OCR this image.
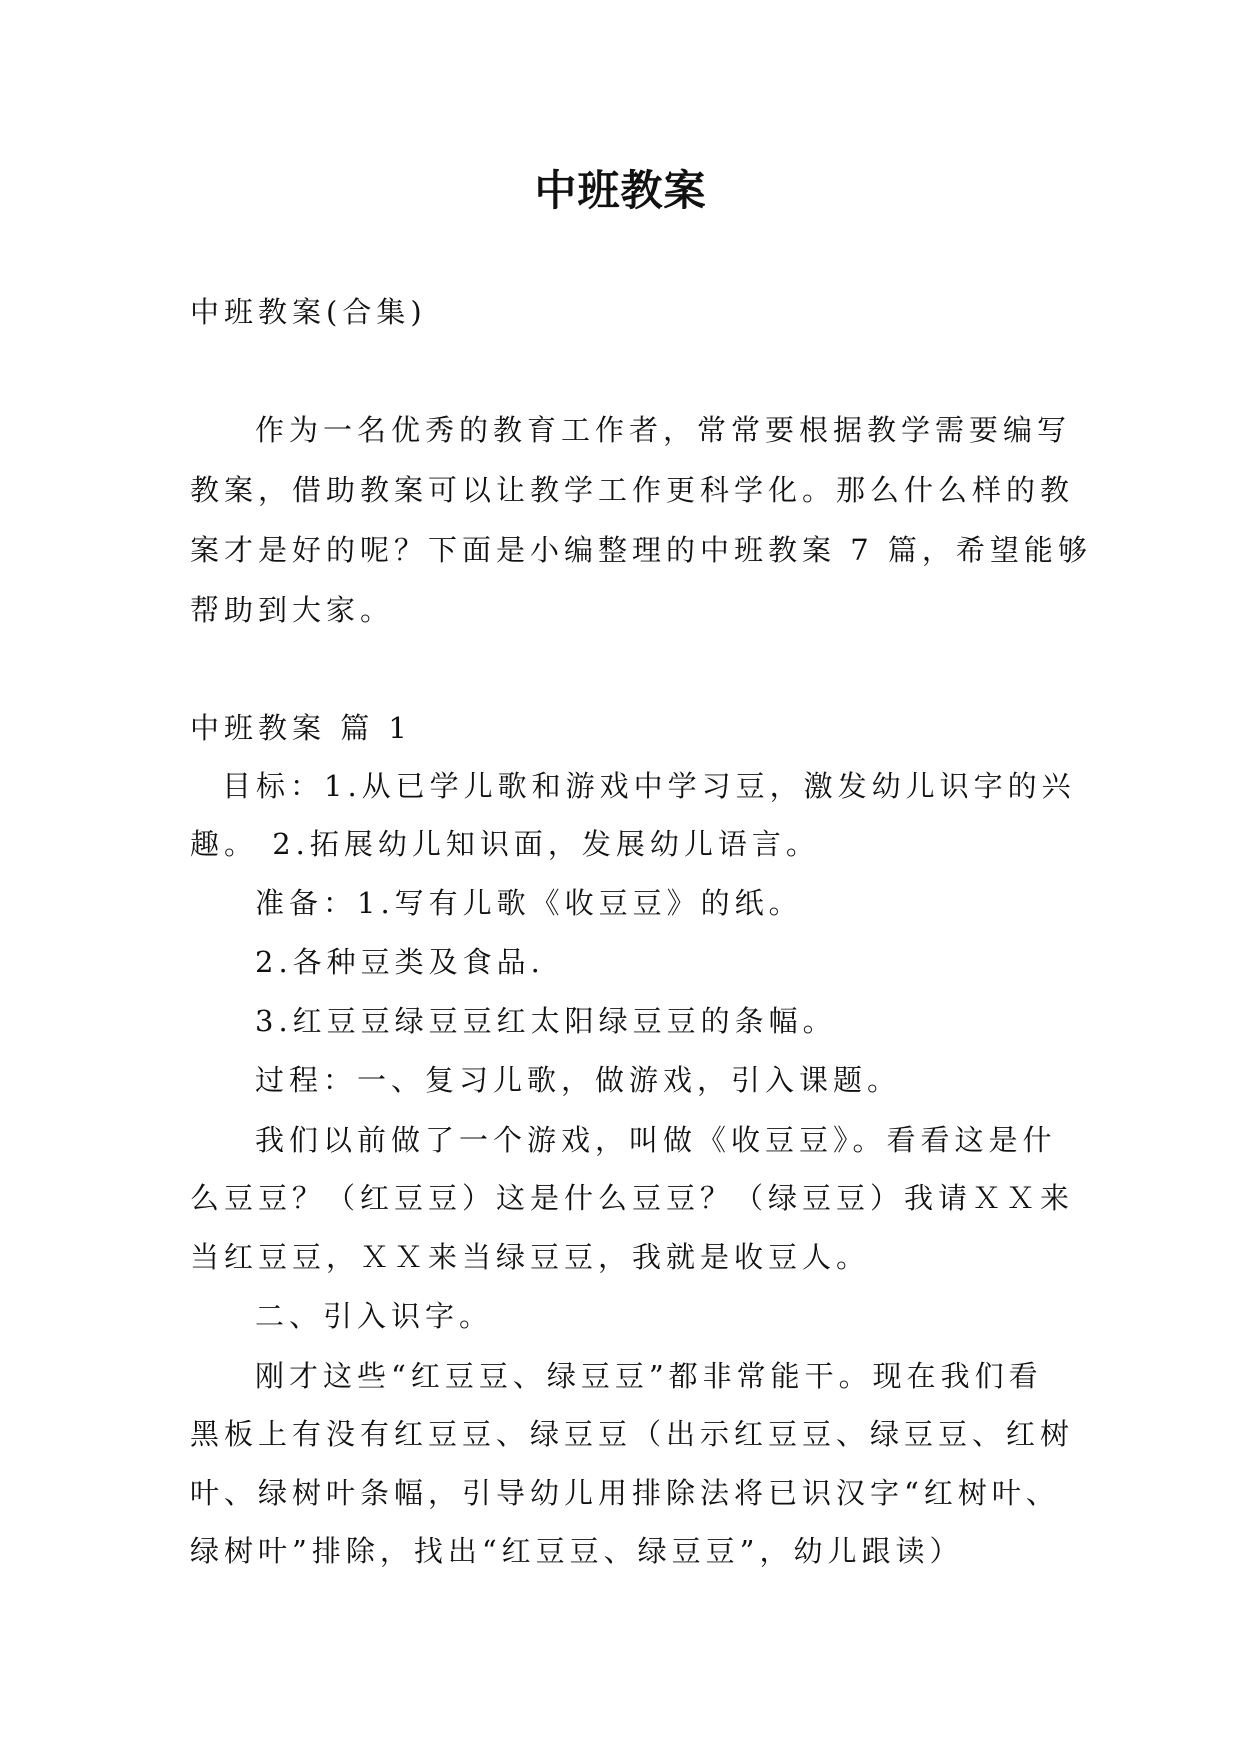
中班教案

中班教案(合集)

作为一名优秀的教育工作者，常常要根据教学需要编写

教案，借助教案可以让教学工作更科学化。那么什么样的教

案才是好的呢？下面是小编整理的中班教案 7 篇，希望能够

帮助到大家。

中班教案 篇 1

目标：1.从已学儿歌和游戏中学习豆，激发幼儿识字的兴

趣。 2.拓展幼儿知识面，发展幼儿语言。

准备：1.写有儿歌《收豆豆》的纸。

2.各种豆类及食品.

3.红豆豆绿豆豆红太阳绿豆豆的条幅。

过程：一、复习儿歌，做游戏，引入课题。

我们以前做了一个游戏，叫做《收豆豆》。看看这是什

么豆豆？（红豆豆）这是什么豆豆？（绿豆豆）我请ＸＸ来

当红豆豆，ＸＸ来当绿豆豆，我就是收豆人。

二、引入识字。

刚才这些“红豆豆、绿豆豆”都非常能干。现在我们看

黑板上有没有红豆豆、绿豆豆（出示红豆豆、绿豆豆、红树

叶、绿树叶条幅，引导幼儿用排除法将已识汉字“红树叶、

绿树叶”排除，找出“红豆豆、绿豆豆”，幼儿跟读）
